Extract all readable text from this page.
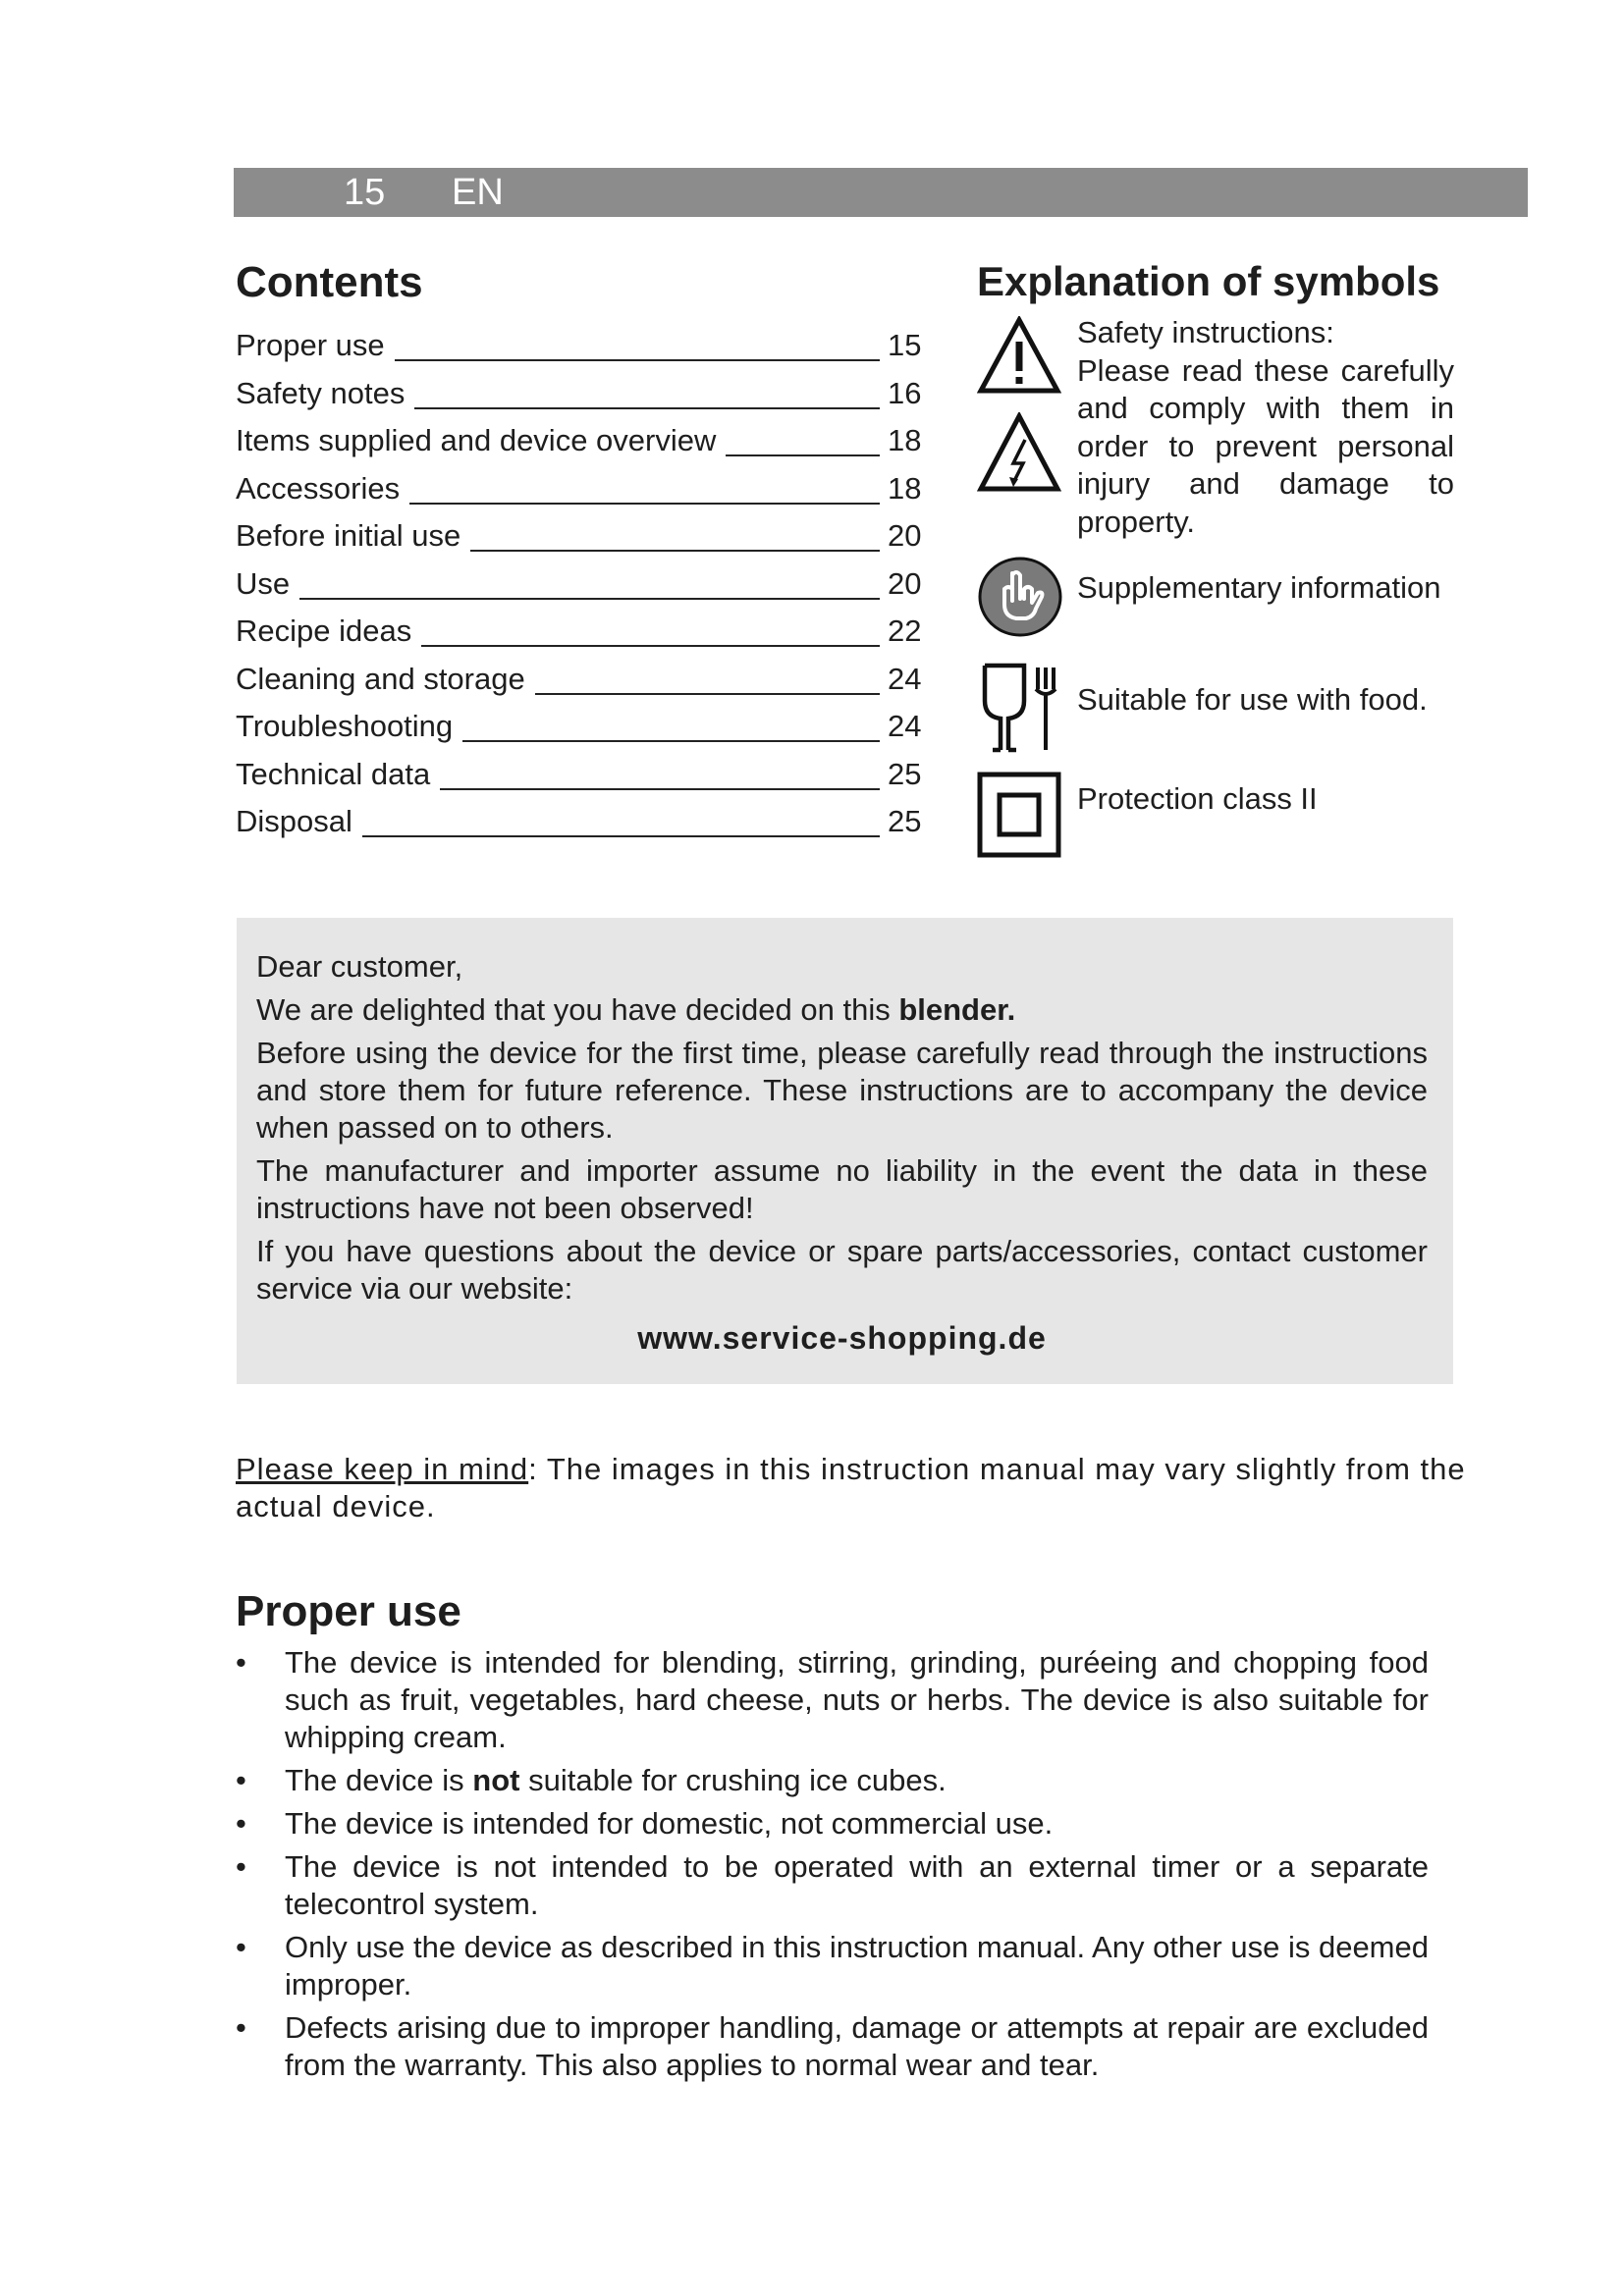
15 EN
Contents
Proper use	15
Safety notes	16
Items supplied and device overview	18
Accessories	18
Before initial use	20
Use	20
Recipe ideas	22
Cleaning and storage	24
Troubleshooting	24
Technical data	25
Disposal	25
Explanation of symbols
Safety instructions:
Please read these carefully and comply with them in order to prevent personal injury and damage to property.
Supplementary information
Suitable for use with food.
Protection class II

Dear customer,

We are delighted that you have decided on this blender.

Before using the device for the first time, please carefully read through the instructions and store them for future reference. These instructions are to accompany the device when passed on to others.

The manufacturer and importer assume no liability in the event the data in these instructions have not been observed!

If you have questions about the device or spare parts/accessories, contact customer service via our website:

www.service-shopping.de

Please keep in mind: The images in this instruction manual may vary slightly from the actual device.
Proper use
• The device is intended for blending, stirring, grinding, puréeing and chopping food such as fruit, vegetables, hard cheese, nuts or herbs. The device is also suitable for whipping cream.
• The device is not suitable for crushing ice cubes.
• The device is intended for domestic, not commercial use.
• The device is not intended to be operated with an external timer or a separate telecontrol system.
• Only use the device as described in this instruction manual. Any other use is deemed improper.
• Defects arising due to improper handling, damage or attempts at repair are excluded from the warranty. This also applies to normal wear and tear.
